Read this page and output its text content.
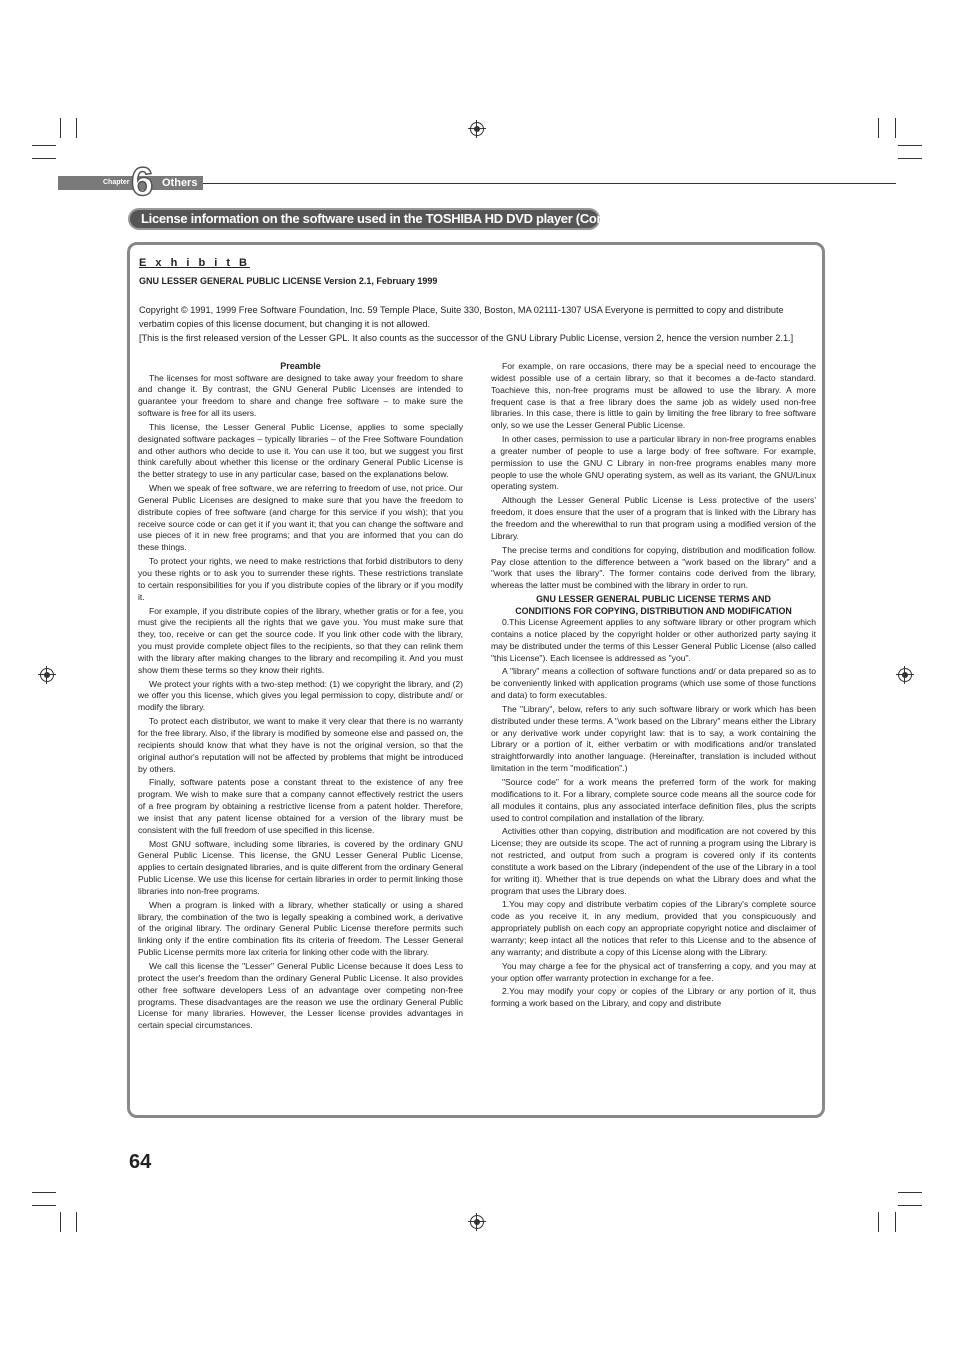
Chapter 6 Others
License information on the software used in the TOSHIBA HD DVD player (Continued)
E x h i b i t B
GNU LESSER GENERAL PUBLIC LICENSE Version 2.1, February 1999

Copyright © 1991, 1999 Free Software Foundation, Inc. 59 Temple Place, Suite 330, Boston, MA 02111-1307 USA Everyone is permitted to copy and distribute verbatim copies of this license document, but changing it is not allowed.

[This is the first released version of the Lesser GPL. It also counts as the successor of the GNU Library Public License, version 2, hence the version number 2.1.]

Preamble

The licenses for most software are designed to take away your freedom to share and change it. By contrast, the GNU General Public Licenses are intended to guarantee your freedom to share and change free software – to make sure the software is free for all its users.

This license, the Lesser General Public License, applies to some specially designated software packages – typically libraries – of the Free Software Foundation and other authors who decide to use it. You can use it too, but we suggest you first think carefully about whether this license or the ordinary General Public License is the better strategy to use in any particular case, based on the explanations below.

When we speak of free software, we are referring to freedom of use, not price. Our General Public Licenses are designed to make sure that you have the freedom to distribute copies of free software (and charge for this service if you wish); that you receive source code or can get it if you want it; that you can change the software and use pieces of it in new free programs; and that you are informed that you can do these things.

To protect your rights, we need to make restrictions that forbid distributors to deny you these rights or to ask you to surrender these rights. These restrictions translate to certain responsibilities for you if you distribute copies of the library or if you modify it.

For example, if you distribute copies of the library, whether gratis or for a fee, you must give the recipients all the rights that we gave you. You must make sure that they, too, receive or can get the source code. If you link other code with the library, you must provide complete object files to the recipients, so that they can relink them with the library after making changes to the library and recompiling it. And you must show them these terms so they know their rights.

We protect your rights with a two-step method: (1) we copyright the library, and (2) we offer you this license, which gives you legal permission to copy, distribute and/ or modify the library.

To protect each distributor, we want to make it very clear that there is no warranty for the free library. Also, if the library is modified by someone else and passed on, the recipients should know that what they have is not the original version, so that the original author's reputation will not be affected by problems that might be introduced by others.

Finally, software patents pose a constant threat to the existence of any free program. We wish to make sure that a company cannot effectively restrict the users of a free program by obtaining a restrictive license from a patent holder. Therefore, we insist that any patent license obtained for a version of the library must be consistent with the full freedom of use specified in this license.

Most GNU software, including some libraries, is covered by the ordinary GNU General Public License. This license, the GNU Lesser General Public License, applies to certain designated libraries, and is quite different from the ordinary General Public License. We use this license for certain libraries in order to permit linking those libraries into non-free programs.

When a program is linked with a library, whether statically or using a shared library, the combination of the two is legally speaking a combined work, a derivative of the original library. The ordinary General Public License therefore permits such linking only if the entire combination fits its criteria of freedom. The Lesser General Public License permits more lax criteria for linking other code with the library.

We call this license the "Lesser" General Public License because it does Less to protect the user's freedom than the ordinary General Public License. It also provides other free software developers Less of an advantage over competing non-free programs. These disadvantages are the reason we use the ordinary General Public License for many libraries. However, the Lesser license provides advantages in certain special circumstances.

For example, on rare occasions, there may be a special need to encourage the widest possible use of a certain library, so that it becomes a de-facto standard. Toachieve this, non-free programs must be allowed to use the library. A more frequent case is that a free library does the same job as widely used non-free libraries. In this case, there is little to gain by limiting the free library to free software only, so we use the Lesser General Public License.

In other cases, permission to use a particular library in non-free programs enables a greater number of people to use a large body of free software. For example, permission to use the GNU C Library in non-free programs enables many more people to use the whole GNU operating system, as well as its variant, the GNU/Linux operating system.

Although the Lesser General Public License is Less protective of the users' freedom, it does ensure that the user of a program that is linked with the Library has the freedom and the wherewithal to run that program using a modified version of the Library.

The precise terms and conditions for copying, distribution and modification follow. Pay close attention to the difference between a "work based on the library" and a "work that uses the library". The former contains code derived from the library, whereas the latter must be combined with the library in order to run.

GNU LESSER GENERAL PUBLIC LICENSE TERMS AND
CONDITIONS FOR COPYING, DISTRIBUTION AND MODIFICATION

0.This License Agreement applies to any software library or other program which contains a notice placed by the copyright holder or other authorized party saying it may be distributed under the terms of this Lesser General Public License (also called "this License"). Each licensee is addressed as "you".

A "library" means a collection of software functions and/ or data prepared so as to be conveniently linked with application programs (which use some of those functions and data) to form executables.

The "Library", below, refers to any such software library or work which has been distributed under these terms. A "work based on the Library" means either the Library or any derivative work under copyright law: that is to say, a work containing the Library or a portion of it, either verbatim or with modifications and/or translated straightforwardly into another language. (Hereinafter, translation is included without limitation in the term "modification".)

"Source code" for a work means the preferred form of the work for making modifications to it. For a library, complete source code means all the source code for all modules it contains, plus any associated interface definition files, plus the scripts used to control compilation and installation of the library.

Activities other than copying, distribution and modification are not covered by this License; they are outside its scope. The act of running a program using the Library is not restricted, and output from such a program is covered only if its contents constitute a work based on the Library (independent of the use of the Library in a tool for writing it). Whether that is true depends on what the Library does and what the program that uses the Library does.

1.You may copy and distribute verbatim copies of the Library's complete source code as you receive it, in any medium, provided that you conspicuously and appropriately publish on each copy an appropriate copyright notice and disclaimer of warranty; keep intact all the notices that refer to this License and to the absence of any warranty; and distribute a copy of this License along with the Library.

You may charge a fee for the physical act of transferring a copy, and you may at your option offer warranty protection in exchange for a fee.

2.You may modify your copy or copies of the Library or any portion of it, thus forming a work based on the Library, and copy and distribute

64
